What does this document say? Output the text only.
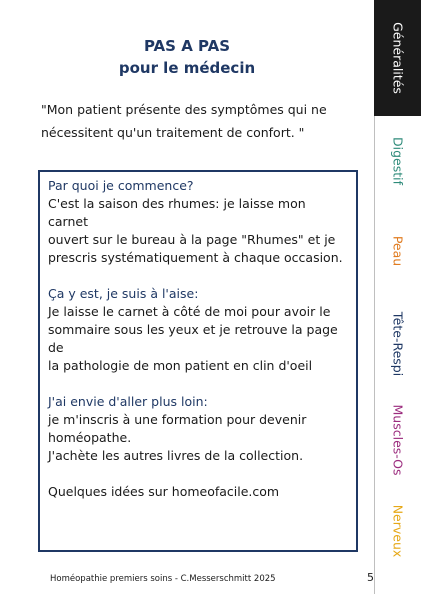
PAS A PAS
pour le médecin
"Mon patient présente des symptômes qui ne
nécessitent qu'un traitement de confort. "

Par quoi je commence?

C'est la saison des rhumes: je laisse mon carnet

ouvert sur le bureau à la page "Rhumes" et je

prescris systématiquement à chaque occasion.

Ça y est, je suis à l'aise:

Je laisse le carnet à côté de moi pour avoir le

sommaire sous les yeux et je retrouve la page de

la pathologie de mon patient en clin d'oeil

J'ai envie d'aller plus loin:

je m'inscris à une formation pour devenir

homéopathe.

J'achète les autres livres de la collection.

Quelques idées sur homeofacile.com

Homéopathie premiers soins - C.Messerschmitt 2025	5
Généralités
Digestif
Peau
Tête-Respi
Muscles-Os
Nerveux
